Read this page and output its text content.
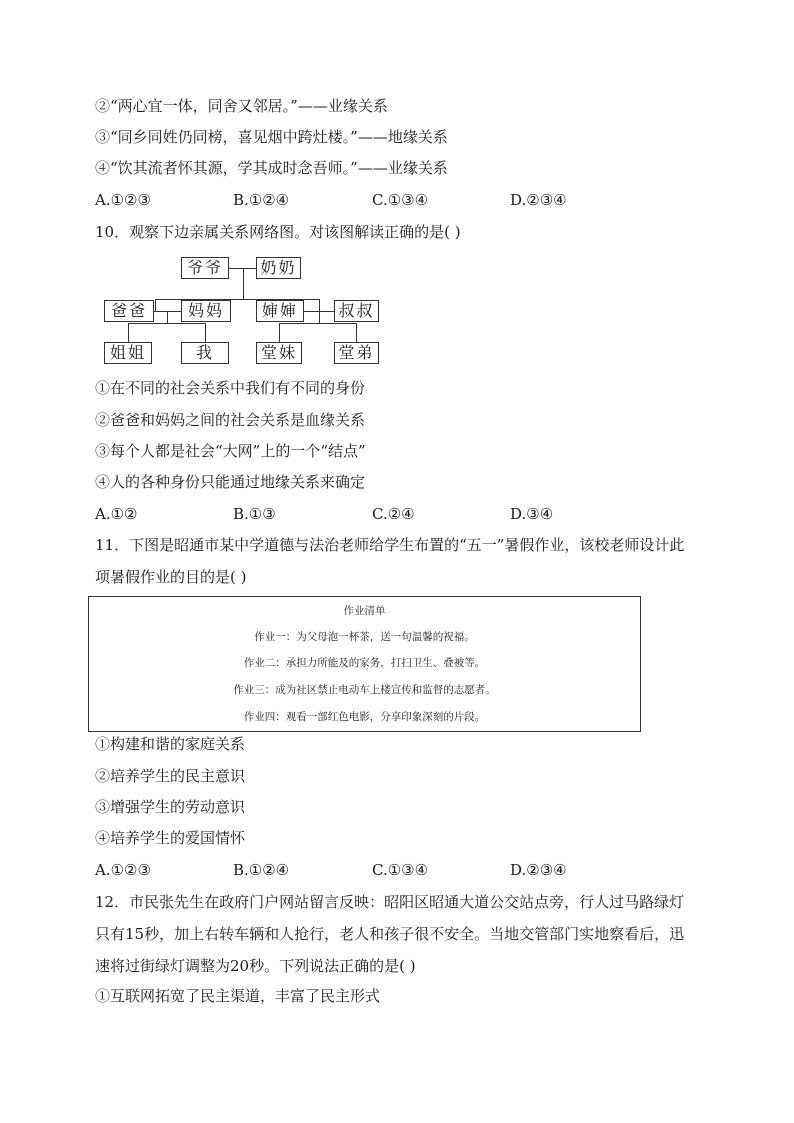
②“两心宜一体，同舍又邻居。”——业缘关系
③“同乡同姓仍同榜，喜见烟中跨灶楼。”——地缘关系
④“饮其流者怀其源，学其成时念吾师。”——业缘关系
A.①②③	B.①②④	C.①③④	D.②③④
10．观察下边亲属关系网络图。对该图解读正确的是( )
爷爷	奶奶
爸爸	妈妈	婶婶	叔叔
姐姐	我	堂妹	堂弟
①在不同的社会关系中我们有不同的身份
②爸爸和妈妈之间的社会关系是血缘关系
③每个人都是社会“大网”上的一个“结点”
④人的各种身份只能通过地缘关系来确定
A.①②	B.①③	C.②④	D.③④
11．下图是昭通市某中学道德与法治老师给学生布置的“五一”暑假作业，该校老师设计此项暑假作业的目的是( )
作业清单
作业一：为父母泡一杯茶，送一句温馨的祝福。
作业二：承担力所能及的家务，打扫卫生、叠被等。
作业三：成为社区禁止电动车上楼宣传和监督的志愿者。
作业四：观看一部红色电影，分享印象深刻的片段。
①构建和谐的家庭关系
②培养学生的民主意识
③增强学生的劳动意识
④培养学生的爱国情怀
A.①②③	B.①②④	C.①③④	D.②③④
12．市民张先生在政府门户网站留言反映：昭阳区昭通大道公交站点旁，行人过马路绿灯只有15秒，加上右转车辆和人抢行，老人和孩子很不安全。当地交管部门实地察看后，迅速将过街绿灯调整为20秒。下列说法正确的是( )
①互联网拓宽了民主渠道，丰富了民主形式
